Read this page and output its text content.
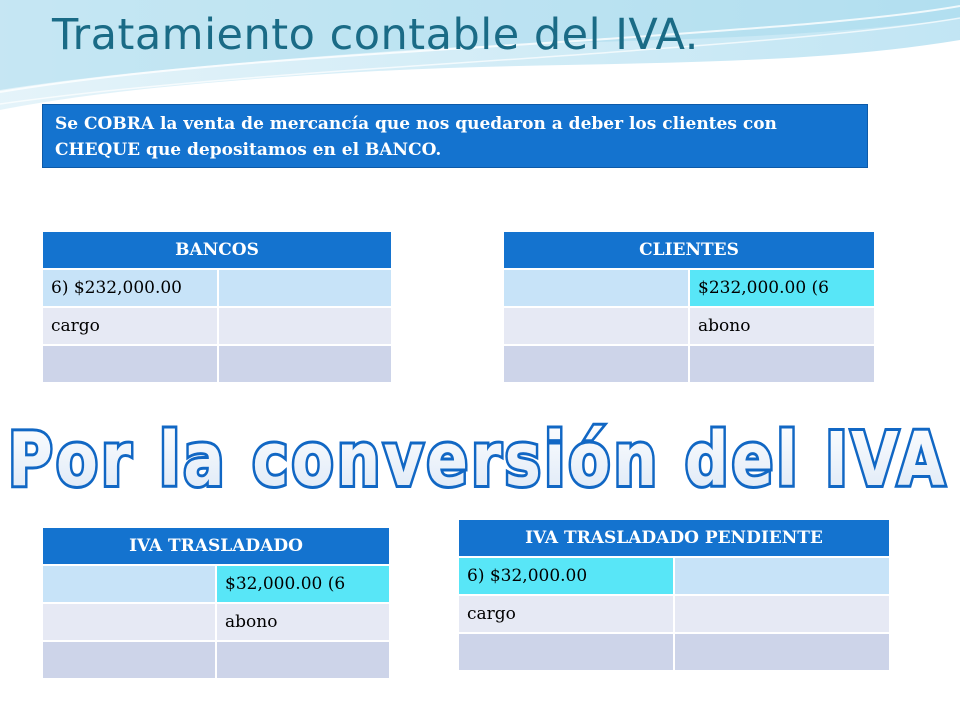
Tratamiento contable del IVA.
Se COBRA la venta de mercancía que nos quedaron a deber los clientes con CHEQUE que depositamos en el BANCO.
BANCOS	
6) $232,000.00	
cargo	

CLIENTES	
	$232,000.00 (6
	abono

Por la conversión del IVA
IVA TRASLADADO	
	$32,000.00 (6
	abono

IVA TRASLADADO PENDIENTE	
6) $32,000.00	
cargo	
